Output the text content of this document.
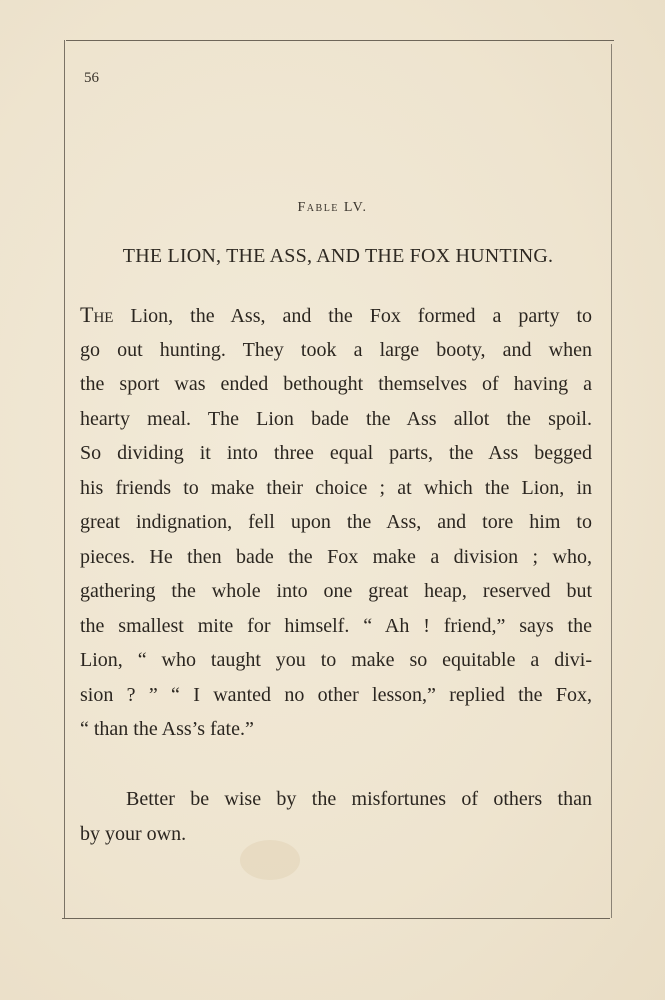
56
Fable LV.
THE LION, THE ASS, AND THE FOX HUNTING.
The Lion, the Ass, and the Fox formed a party to
go out hunting. They took a large booty, and when
the sport was ended bethought themselves of having a
hearty meal. The Lion bade the Ass allot the spoil.
So dividing it into three equal parts, the Ass begged
his friends to make their choice ; at which the Lion, in
great indignation, fell upon the Ass, and tore him to
pieces. He then bade the Fox make a division ; who,
gathering the whole into one great heap, reserved but
the smallest mite for himself. “ Ah ! friend,” says the
Lion, “ who taught you to make so equitable a divi-
sion ? ” “ I wanted no other lesson,” replied the Fox,
“ than the Ass’s fate.”
Better be wise by the misfortunes of others than
by your own.
